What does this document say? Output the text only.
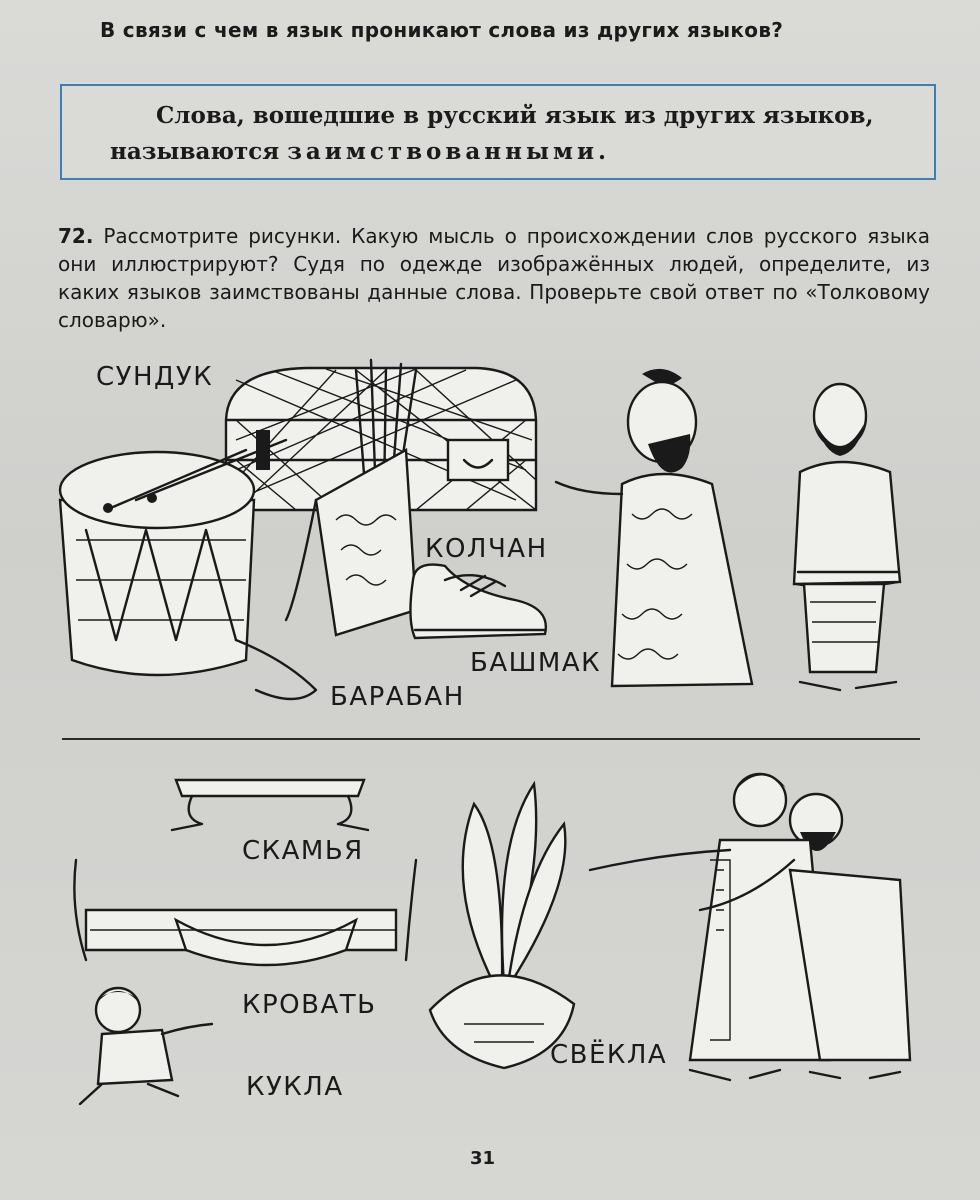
В связи с чем в язык проникают слова из других языков?
Слова, вошедшие в русский язык из других языков,
называются заимствованными.
72. Рассмотрите рисунки. Какую мысль о происхождении слов русского языка они иллюстрируют? Судя по одежде изображённых людей, определите, из каких языков заимствованы данные слова. Проверьте свой ответ по «Толковому словарю».
СУНДУК
КОЛЧАН
БАШМАК
БАРАБАН
СКАМЬЯ
КРОВАТЬ
КУКЛА
СВЁКЛА
31
